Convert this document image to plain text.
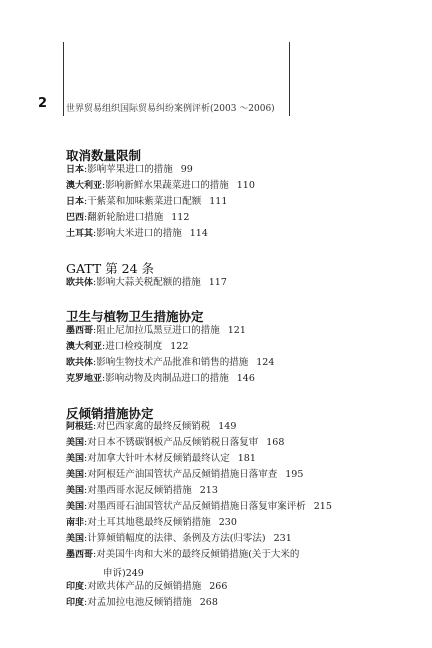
2 世界贸易组织国际贸易纠纷案例评析(2003 ～2006)
取消数量限制
日本:影响苹果进口的措施 99
澳大利亚:影响新鲜水果蔬菜进口的措施 110
日本:干紫菜和加味紫菜进口配额 111
巴西:翻新轮胎进口措施 112
土耳其:影响大米进口的措施 114
GATT 第 24 条
欧共体:影响大蒜关税配额的措施 117
卫生与植物卫生措施协定
墨西哥:阻止尼加拉瓜黑豆进口的措施 121
澳大利亚:进口检疫制度 122
欧共体:影响生物技术产品批准和销售的措施 124
克罗地亚:影响动物及肉制品进口的措施 146
反倾销措施协定
阿根廷:对巴西家禽的最终反倾销税 149
美国:对日本不锈碳钢板产品反倾销税日落复审 168
美国:对加拿大针叶木材反倾销最终认定 181
美国:对阿根廷产油国管状产品反倾销措施日落审查 195
美国:对墨西哥水泥反倾销措施 213
美国:对墨西哥石油国管状产品反倾销措施日落复审案评析 215
南非:对土耳其地毯最终反倾销措施 230
美国:计算倾销幅度的法律、条例及方法(归零法) 231
墨西哥:对美国牛肉和大米的最终反倾销措施(关于大米的
申诉)249
印度:对欧共体产品的反倾销措施 266
印度:对孟加拉电池反倾销措施 268
